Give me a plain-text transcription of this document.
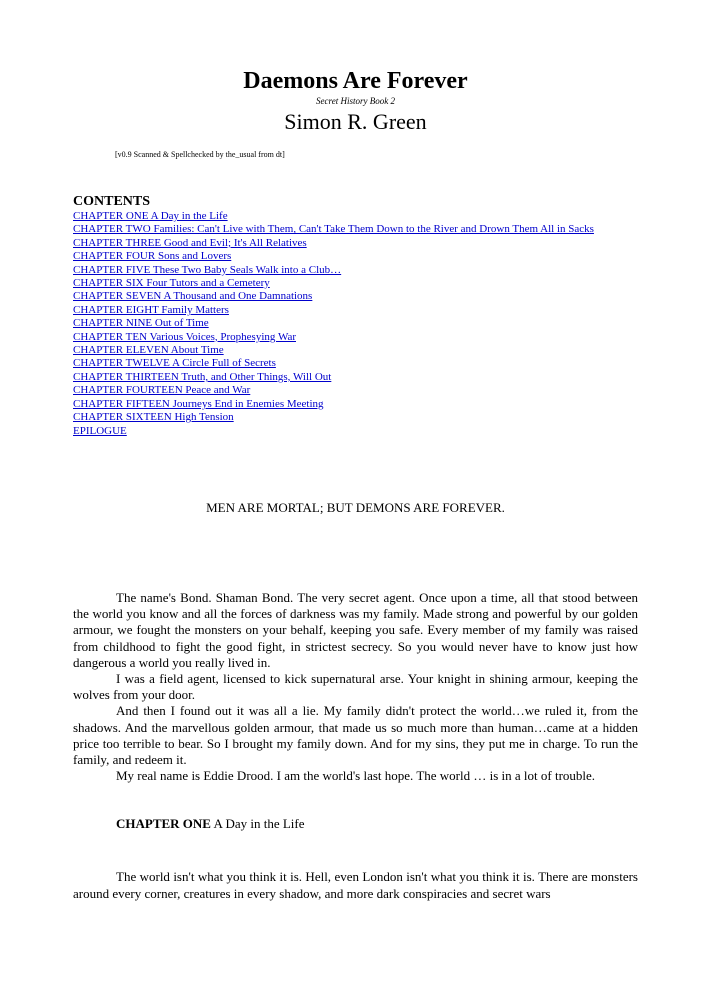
Daemons Are Forever
Secret History Book 2
Simon R. Green
[v0.9 Scanned & Spellchecked by the_usual from dt]
CONTENTS
CHAPTER ONE A Day in the Life
CHAPTER TWO Families: Can't Live with Them, Can't Take Them Down to the River and Drown Them All in Sacks
CHAPTER THREE Good and Evil; It's All Relatives
CHAPTER FOUR Sons and Lovers
CHAPTER FIVE These Two Baby Seals Walk into a Club…
CHAPTER SIX Four Tutors and a Cemetery
CHAPTER SEVEN A Thousand and One Damnations
CHAPTER EIGHT Family Matters
CHAPTER NINE Out of Time
CHAPTER TEN Various Voices, Prophesying War
CHAPTER ELEVEN About Time
CHAPTER TWELVE A Circle Full of Secrets
CHAPTER THIRTEEN Truth, and Other Things, Will Out
CHAPTER FOURTEEN Peace and War
CHAPTER FIFTEEN Journeys End in Enemies Meeting
CHAPTER SIXTEEN High Tension
EPILOGUE
MEN ARE MORTAL; BUT DEMONS ARE FOREVER.

The name's Bond. Shaman Bond. The very secret agent. Once upon a time, all that stood between the world you know and all the forces of darkness was my family. Made strong and powerful by our golden armour, we fought the monsters on your behalf, keeping you safe. Every member of my family was raised from childhood to fight the good fight, in strictest secrecy. So you would never have to know just how dangerous a world you really lived in.

I was a field agent, licensed to kick supernatural arse. Your knight in shining armour, keeping the wolves from your door.

And then I found out it was all a lie. My family didn't protect the world…we ruled it, from the shadows. And the marvellous golden armour, that made us so much more than human…came at a hidden price too terrible to bear. So I brought my family down. And for my sins, they put me in charge. To run the family, and redeem it.

My real name is Eddie Drood. I am the world's last hope. The world … is in a lot of trouble.

CHAPTER ONE A Day in the Life

The world isn't what you think it is. Hell, even London isn't what you think it is. There are monsters around every corner, creatures in every shadow, and more dark conspiracies and secret wars
